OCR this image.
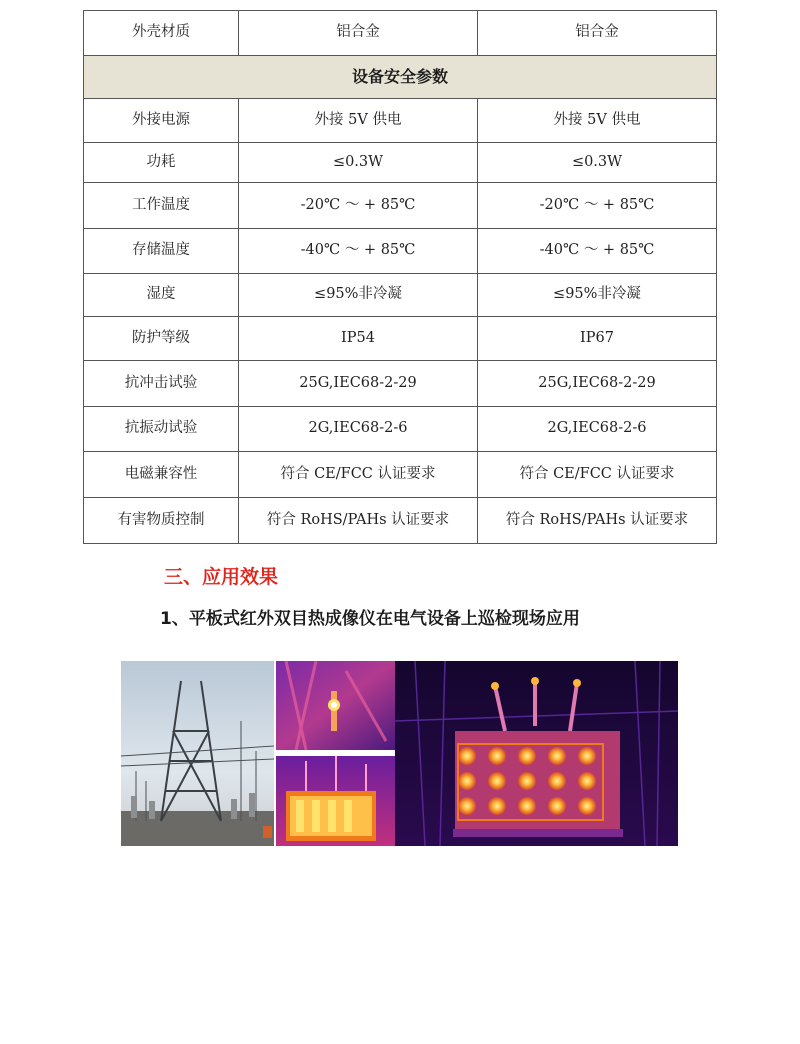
外壳材质	铝合金	铝合金
设备安全参数		
外接电源	外接 5V 供电	外接 5V 供电
功耗	≤0.3W	≤0.3W
工作温度	-20℃ ～ + 85℃	-20℃ ～ + 85℃
存储温度	-40℃ ～ + 85℃	-40℃ ～ + 85℃
湿度	≤95%非冷凝	≤95%非冷凝
防护等级	IP54	IP67
抗冲击试验	25G,IEC68-2-29	25G,IEC68-2-29
抗振动试验	2G,IEC68-2-6	2G,IEC68-2-6
电磁兼容性	符合 CE/FCC 认证要求	符合 CE/FCC 认证要求
有害物质控制	符合 RoHS/PAHs 认证要求	符合 RoHS/PAHs 认证要求
三、应用效果
1、平板式红外双目热成像仪在电气设备上巡检现场应用
